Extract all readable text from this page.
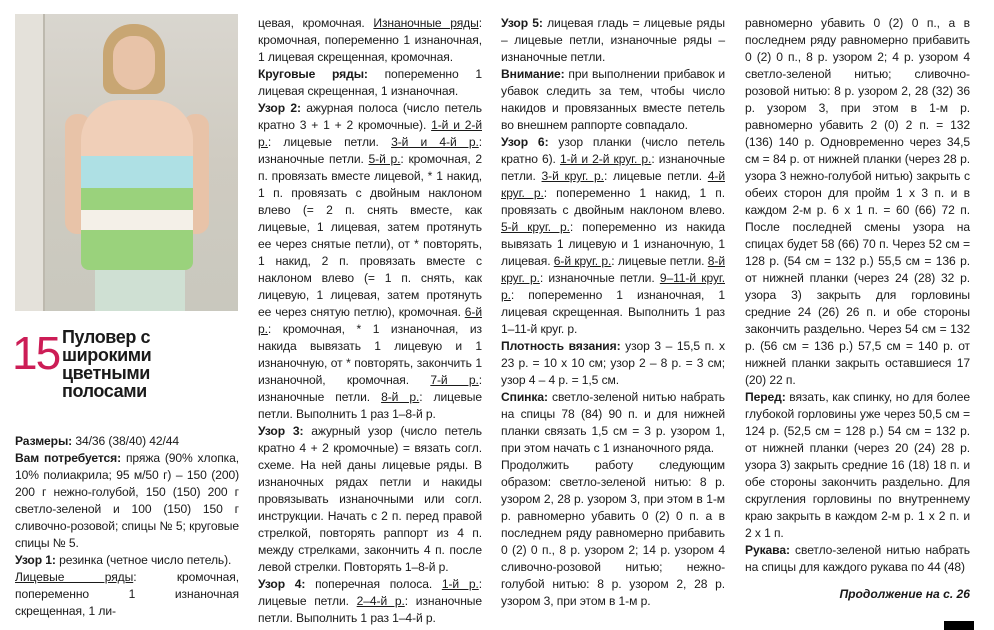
15 Пуловер с широкими цветными полосами

Размеры: 34/36 (38/40) 42/44

Вам потребуется: пряжа (90% хлопка, 10% полиакрила; 95 м/50 г) – 150 (200) 200 г нежно-голубой, 150 (150) 200 г светло-зеленой и 100 (150) 150 г сливочно-розовой; спицы № 5; круговые спицы № 5.

Узор 1: резинка (четное число петель).

Лицевые ряды: кромочная, попеременно 1 изнаночная скрещенная, 1 ли-

цевая, кромочная. Изнаночные ряды: кромочная, попеременно 1 изнаночная, 1 лицевая скрещенная, кромочная.

Круговые ряды: попеременно 1 лицевая скрещенная, 1 изнаночная.

Узор 2: ажурная полоса (число петель кратно 3 + 1 + 2 кромочные). 1-й и 2-й р.: лицевые петли. 3-й и 4-й р.: изнаночные петли. 5-й р.: кромочная, 2 п. провязать вместе лицевой, * 1 накид, 1 п. провязать с двойным наклоном влево (= 2 п. снять вместе, как лицевые, 1 лицевая, затем протянуть ее через снятые петли), от * повторять, 1 накид, 2 п. провязать вместе с наклоном влево (= 1 п. снять, как лицевую, 1 лицевая, затем протянуть ее через снятую петлю), кромочная. 6-й р.: кромочная, * 1 изнаночная, из накида вывязать 1 лицевую и 1 изнаночную, от * повторять, закончить 1 изнаночной, кромочная. 7-й р.: изнаночные петли. 8-й р.: лицевые петли. Выполнить 1 раз 1–8-й р.

Узор 3: ажурный узор (число петель кратно 4 + 2 кромочные) = вязать согл. схеме. На ней даны лицевые ряды. В изнаночных рядах петли и накиды провязывать изнаночными или согл. инструкции. Начать с 2 п. перед правой стрелкой, повторять раппорт из 4 п. между стрелками, закончить 4 п. после левой стрелки. Повторять 1–8-й р.

Узор 4: поперечная полоса. 1-й р.: лицевые петли. 2–4-й р.: изнаночные петли. Выполнить 1 раз 1–4-й р.

Узор 5: лицевая гладь = лицевые ряды – лицевые петли, изнаночные ряды – изнаночные петли.

Внимание: при выполнении прибавок и убавок следить за тем, чтобы число накидов и провязанных вместе петель во внешнем раппорте совпадало.

Узор 6: узор планки (число петель кратно 6). 1-й и 2-й круг. р.: изнаночные петли. 3-й круг. р.: лицевые петли. 4-й круг. р.: попеременно 1 накид, 1 п. провязать с двойным наклоном влево. 5-й круг. р.: попеременно из накида вывязать 1 лицевую и 1 изнаночную, 1 лицевая. 6-й круг. р.: лицевые петли. 8-й круг. р.: изнаночные петли. 9–11-й круг. р.: попеременно 1 изнаночная, 1 лицевая скрещенная. Выполнить 1 раз 1–11-й круг. р.

Плотность вязания: узор 3 – 15,5 п. х 23 р. = 10 х 10 см; узор 2 – 8 р. = 3 см; узор 4 – 4 р. = 1,5 см.

Спинка: светло-зеленой нитью набрать на спицы 78 (84) 90 п. и для нижней планки связать 1,5 см = 3 р. узором 1, при этом начать с 1 изнаночного ряда.

Продолжить работу следующим образом: светло-зеленой нитью: 8 р. узором 2, 28 р. узором 3, при этом в 1-м р. равномерно убавить 0 (2) 0 п. а в последнем ряду равномерно прибавить 0 (2) 0 п., 8 р. узором 2; 14 р. узором 4 сливочно-розовой нитью; нежно-голубой нитью: 8 р. узором 2, 28 р. узором 3, при этом в 1-м р.

равномерно убавить 0 (2) 0 п., а в последнем ряду равномерно прибавить 0 (2) 0 п., 8 р. узором 2; 4 р. узором 4 светло-зеленой нитью; сливочно-розовой нитью: 8 р. узором 2, 28 (32) 36 р. узором 3, при этом в 1-м р. равномерно убавить 2 (0) 2 п. = 132 (136) 140 р. Одновременно через 34,5 см = 84 р. от нижней планки (через 28 р. узора 3 нежно-голубой нитью) закрыть с обеих сторон для пройм 1 х 3 п. и в каждом 2-м р. 6 х 1 п. = 60 (66) 72 п. После последней смены узора на спицах будет 58 (66) 70 п. Через 52 см = 128 р. (54 см = 132 р.) 55,5 см = 136 р. от нижней планки (через 24 (28) 32 р. узора 3) закрыть для горловины средние 24 (26) 26 п. и обе стороны закончить раздельно. Через 54 см = 132 р. (56 см = 136 р.) 57,5 см = 140 р. от нижней планки закрыть оставшиеся 17 (20) 22 п.

Перед: вязать, как спинку, но для более глубокой горловины уже через 50,5 см = 124 р. (52,5 см = 128 р.) 54 см = 132 р. от нижней планки (через 20 (24) 28 р. узора 3) закрыть средние 16 (18) 18 п. и обе стороны закончить раздельно. Для скругления горловины по внутреннему краю закрыть в каждом 2-м р. 1 х 2 п. и 2 х 1 п.

Рукава: светло-зеленой нитью набрать на спицы для каждого рукава по 44 (48)

Продолжение на с. 26
